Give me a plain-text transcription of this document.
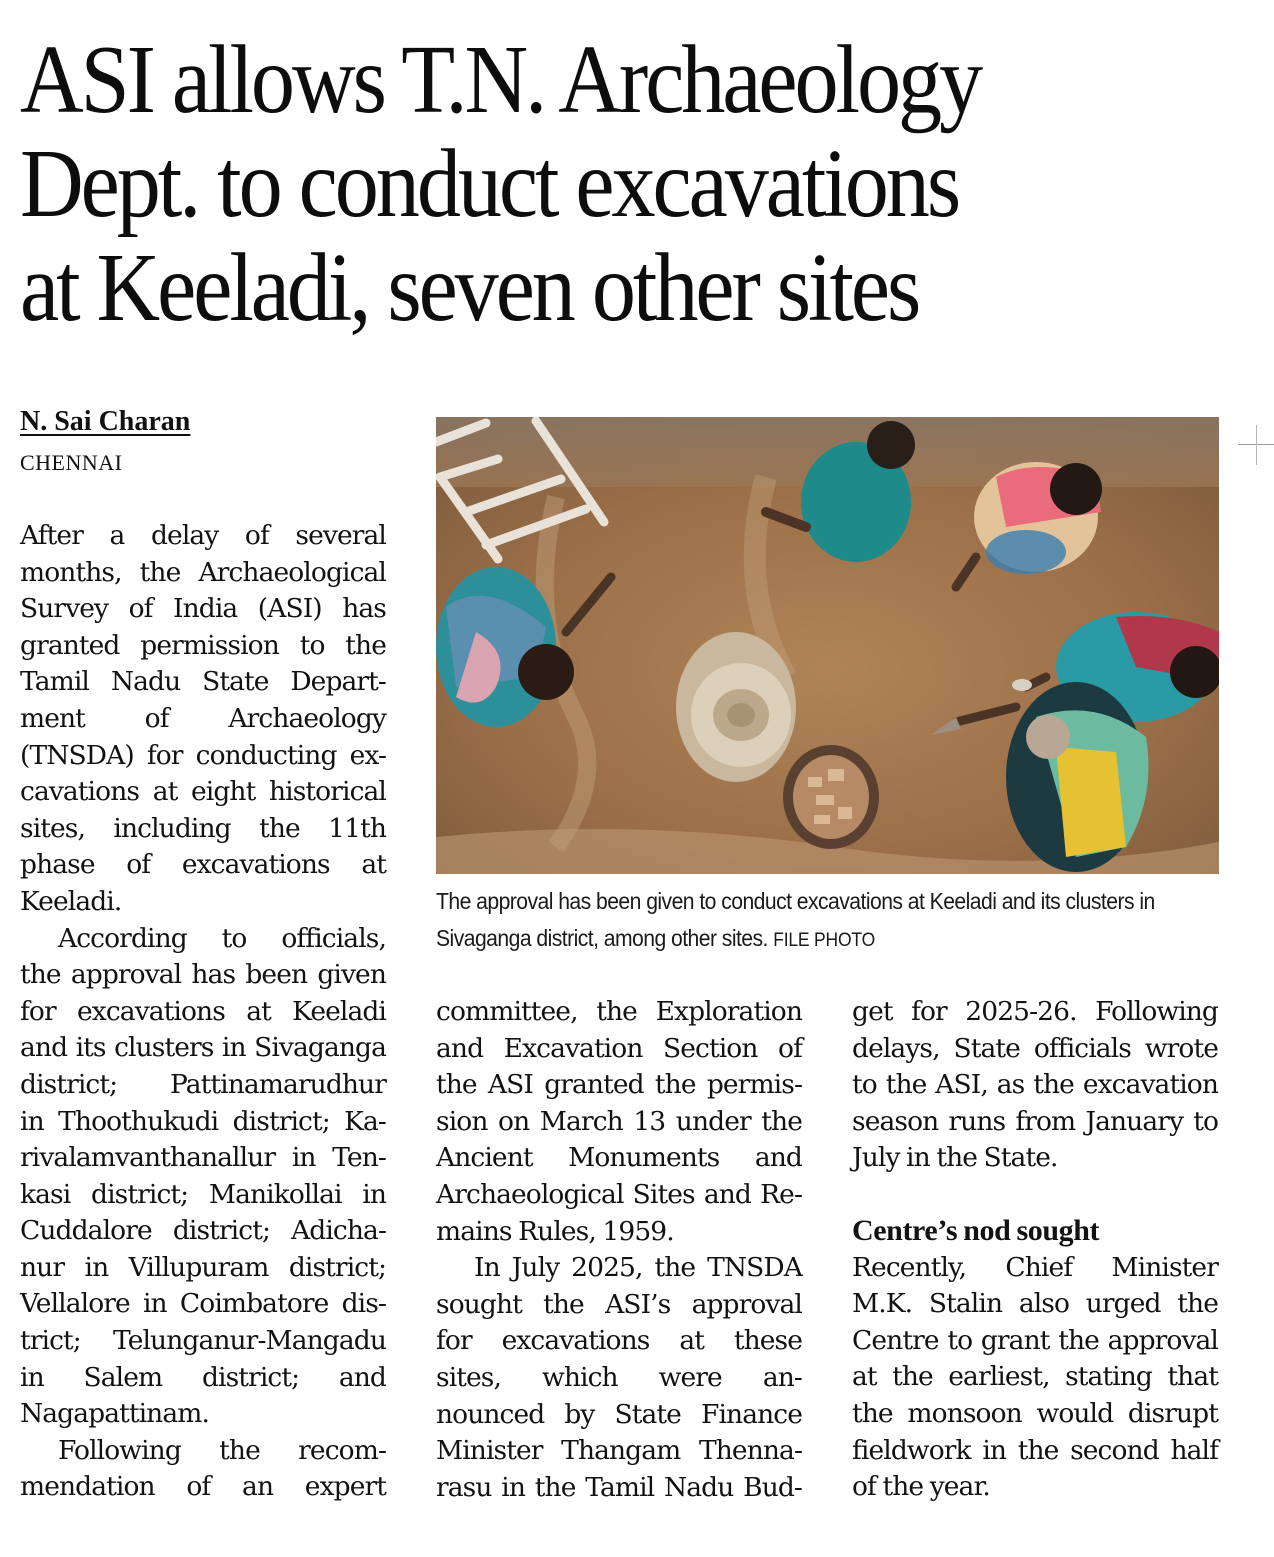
ASI allows T.N. Archaeology
Dept. to conduct excavations
at Keeladi, seven other sites
N. Sai Charan
CHENNAI
The approval has been given to conduct excavations at Keeladi and its clusters in Sivaganga district, among other sites. FILE PHOTO

After a delay of several
months, the Archaeological
Survey of India (ASI) has
granted permission to the
Tamil Nadu State Depart-
ment of Archaeology
(TNSDA) for conducting ex-
cavations at eight historical
sites, including the 11th
phase of excavations at
Keeladi.

According to officials,
the approval has been given
for excavations at Keeladi
and its clusters in Sivaganga
district; Pattinamarudhur
in Thoothukudi district; Ka-
rivalamvanthanallur in Ten-
kasi district; Manikollai in
Cuddalore district; Adicha-
nur in Villupuram district;
Vellalore in Coimbatore dis-
trict; Telunganur-Mangadu
in Salem district; and
Nagapattinam.

Following the recom-
mendation of an expert

committee, the Exploration
and Excavation Section of
the ASI granted the permis-
sion on March 13 under the
Ancient Monuments and
Archaeological Sites and Re-
mains Rules, 1959.

In July 2025, the TNSDA
sought the ASI’s approval
for excavations at these
sites, which were an-
nounced by State Finance
Minister Thangam Thenna-
rasu in the Tamil Nadu Bud-

get for 2025-26. Following
delays, State officials wrote
to the ASI, as the excavation
season runs from January to
July in the State.

Centre’s nod sought

Recently, Chief Minister
M.K. Stalin also urged the
Centre to grant the approval
at the earliest, stating that
the monsoon would disrupt
fieldwork in the second half
of the year.
